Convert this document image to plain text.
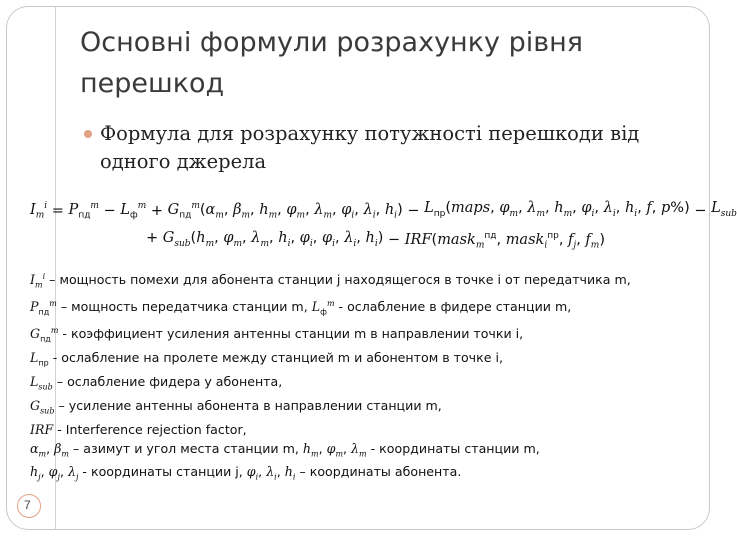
Основні формули розрахунку рівня перешкод
Формула для розрахунку потужності перешкоди від одного джерела
$I_m^i = P_{пд}^m - L_ф^m + G_{пд}^m(\alpha_m$, $\beta_m$, $h_m$, $\varphi_m$, $\lambda_m$, $\varphi_i$, $\lambda_i$, $h_i$) − $L_{пр}(maps$, $\varphi_m$, $\lambda_m$, $h_m$, $\varphi_i$, $\lambda_i$, $h_i$, f, $p\%) - L_{sub}$
+ $G_{sub}(h_m$, $\varphi_m$, $\lambda_m$, $h_i$, $\varphi_i$, $\varphi_i$, $\lambda_i$, $h_i$) − IRF(mask$_m^{пд}$, mask$_i^{пр}$, $f_j$, $f_m$)
$I_m^i$ – мощность помехи для абонента станции j находящегося в точке i от передатчика m,
$P_{пд}^m$ – мощность передатчика станции m, $L_ф^m$ - ослабление в фидере станции m,
$G_{пд}^m$ - коэффициент усиления антенны станции m в направлении точки i,
$L_{пр}$ - ослабление на пролете между станцией m и абонентом в точке i,
$L_{sub}$ – ослабление фидера у абонента,
$G_{sub}$ – усиление антенны абонента в направлении станции m,
IRF - Interference rejection factor,
$\alpha_m$, $\beta_m$ – азимут и угол места станции m, $h_m$, $\varphi_m$, $\lambda_m$ - координаты станции m,
$h_j$, $\varphi_j$, $\lambda_j$ - координаты станции j, $\varphi_i$, $\lambda_i$, $h_i$ – координаты абонента.
7
